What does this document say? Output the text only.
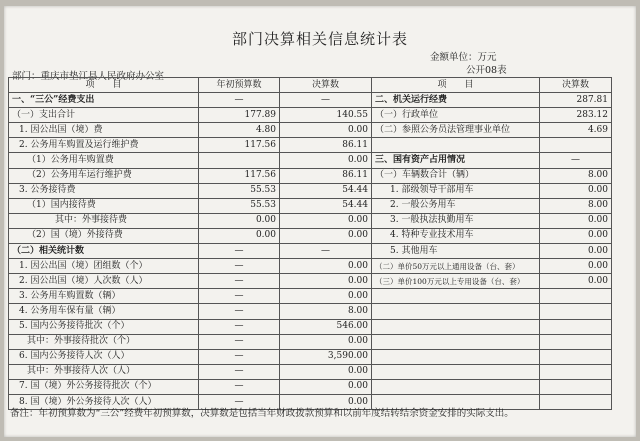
部门决算相关信息统计表
金额单位：万元
公开08表
部门：重庆市垫江县人民政府办公室
项　　目	年初预算数	决算数	项　　目	决算数
一、“三公”经费支出	—	—	二、机关运行经费	287.81
（一）支出合计	177.89	140.55	（一）行政单位	283.12
1. 因公出国（境）费	4.80	0.00	（二）参照公务员法管理事业单位	4.69
2. 公务用车购置及运行维护费	117.56	86.11		
（1）公务用车购置费		0.00	三、国有资产占用情况	—
（2）公务用车运行维护费	117.56	86.11	（一）车辆数合计（辆）	8.00
3. 公务接待费	55.53	54.44	1. 部级领导干部用车	0.00
（1）国内接待费	55.53	54.44	2. 一般公务用车	8.00
其中：外事接待费	0.00	0.00	3. 一般执法执勤用车	0.00
（2）国（境）外接待费	0.00	0.00	4. 特种专业技术用车	0.00
（二）相关统计数	—	—	5. 其他用车	0.00
1. 因公出国（境）团组数（个）	—	0.00	（二）单价50万元以上通用设备（台、套）	0.00
2. 因公出国（境）人次数（人）	—	0.00	（三）单价100万元以上专用设备（台、套）	0.00
3. 公务用车购置数（辆）	—	0.00		
4. 公务用车保有量（辆）	—	8.00		
5. 国内公务接待批次（个）	—	546.00		
其中：外事接待批次（个）	—	0.00		
6. 国内公务接待人次（人）	—	3,590.00		
其中：外事接待人次（人）	—	0.00		
7. 国（境）外公务接待批次（个）	—	0.00		
8. 国（境）外公务接待人次（人）	—	0.00		
备注：年初预算数为“三公”经费年初预算数，决算数是包括当年财政拨款预算和以前年度结转结余资金安排的实际支出。
